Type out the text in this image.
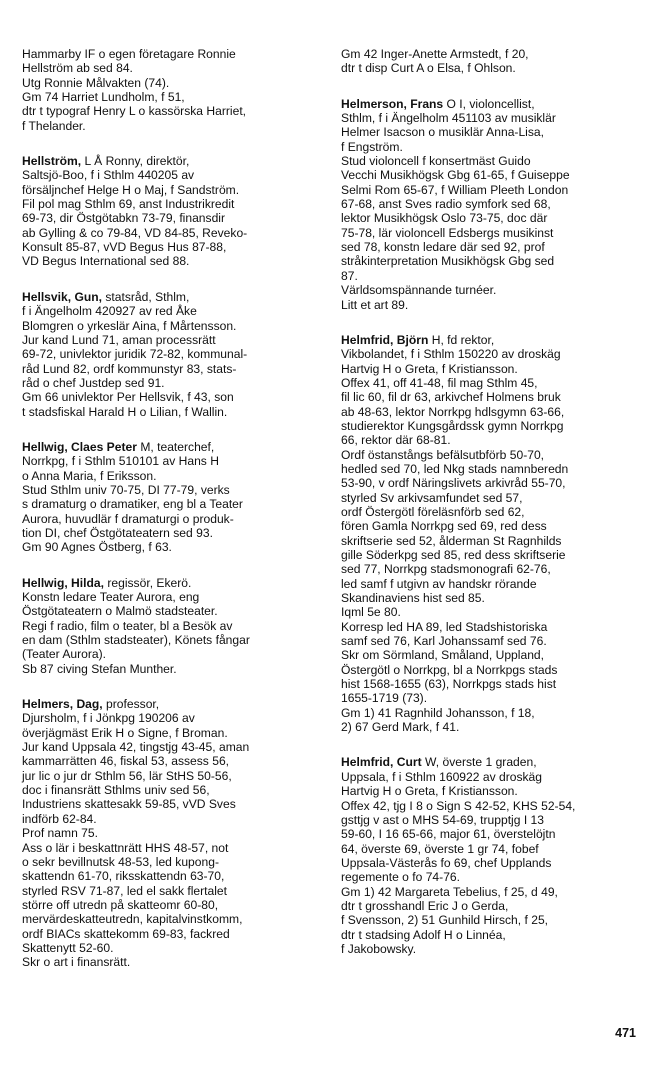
Hammarby IF o egen företagare Ronnie

Hellström ab sed 84.

Utg Ronnie Målvakten (74).

Gm 74 Harriet Lundholm, f 51,

dtr t typograf Henry L o kassörska Harriet,

f Thelander.

Hellström, L Å Ronny, direktör,

Saltsjö-Boo, f i Sthlm 440205 av

försäljnchef Helge H o Maj, f Sandström.

Fil pol mag Sthlm 69, anst Industrikredit

69-73, dir Östgötabkn 73-79, finansdir

ab Gylling & co 79-84, VD 84-85, Reveko-

Konsult 85-87, vVD Begus Hus 87-88,

VD Begus International sed 88.

Hellsvik, Gun, statsråd, Sthlm,

f i Ängelholm 420927 av red Åke

Blomgren o yrkeslär Aina, f Mårtensson.

Jur kand Lund 71, aman processrätt

69-72, univlektor juridik 72-82, kommunal-

råd Lund 82, ordf kommunstyr 83, stats-

råd o chef Justdep sed 91.

Gm 66 univlektor Per Hellsvik, f 43, son

t stadsfiskal Harald H o Lilian, f Wallin.

Hellwig, Claes Peter M, teaterchef,

Norrkpg, f i Sthlm 510101 av Hans H

o Anna Maria, f Eriksson.

Stud Sthlm univ 70-75, DI 77-79, verks

s dramaturg o dramatiker, eng bl a Teater

Aurora, huvudlär f dramaturgi o produk-

tion DI, chef Östgötateatern sed 93.

Gm 90 Agnes Östberg, f 63.

Hellwig, Hilda, regissör, Ekerö.

Konstn ledare Teater Aurora, eng

Östgötateatern o Malmö stadsteater.

Regi f radio, film o teater, bl a Besök av

en dam (Sthlm stadsteater), Könets fångar

(Teater Aurora).

Sb 87 civing Stefan Munther.

Helmers, Dag, professor,

Djursholm, f i Jönkpg 190206 av

överjägmäst Erik H o Signe, f Broman.

Jur kand Uppsala 42, tingstjg 43-45, aman

kammarrätten 46, fiskal 53, assess 56,

jur lic o jur dr Sthlm 56, lär StHS 50-56,

doc i finansrätt Sthlms univ sed 56,

Industriens skattesakk 59-85, vVD Sves

indförb 62-84.

Prof namn 75.

Ass o lär i beskattnrätt HHS 48-57, not

o sekr bevillnutsk 48-53, led kupong-

skattendn 61-70, riksskattendn 63-70,

styrled RSV 71-87, led el sakk flertalet

större off utredn på skatteomr 60-80,

mervärdeskatteutredn, kapitalvinstkomm,

ordf BIACs skattekomm 69-83, fackred

Skattenytt 52-60.

Skr o art i finansrätt.

Gm 42 Inger-Anette Armstedt, f 20,

dtr t disp Curt A o Elsa, f Ohlson.

Helmerson, Frans O I, violoncellist,

Sthlm, f i Ängelholm 451103 av musiklär

Helmer Isacson o musiklär Anna-Lisa,

f Engström.

Stud violoncell f konsertmäst Guido

Vecchi Musikhögsk Gbg 61-65, f Guiseppe

Selmi Rom 65-67, f William Pleeth London

67-68, anst Sves radio symfork sed 68,

lektor Musikhögsk Oslo 73-75, doc där

75-78, lär violoncell Edsbergs musikinst

sed 78, konstn ledare där sed 92, prof

stråkinterpretation Musikhögsk Gbg sed

87.

Världsomspännande turnéer.

Litt et art 89.

Helmfrid, Björn H, fd rektor,

Vikbolandet, f i Sthlm 150220 av droskäg

Hartvig H o Greta, f Kristiansson.

Offex 41, off 41-48, fil mag Sthlm 45,

fil lic 60, fil dr 63, arkivchef Holmens bruk

ab 48-63, lektor Norrkpg hdlsgymn 63-66,

studierektor Kungsgårdssk gymn Norrkpg

66, rektor där 68-81.

Ordf östanstångs befälsutbförb 50-70,

hedled sed 70, led Nkg stads namnberedn

53-90, v ordf Näringslivets arkivråd 55-70,

styrled Sv arkivsamfundet sed 57,

ordf Östergötl föreläsnförb sed 62,

fören Gamla Norrkpg sed 69, red dess

skriftserie sed 52, ålderman St Ragnhilds

gille Söderkpg sed 85, red dess skriftserie

sed 77, Norrkpg stadsmonografi 62-76,

led samf f utgivn av handskr rörande

Skandinaviens hist sed 85.

Iqml 5e 80.

Korresp led HA 89, led Stadshistoriska

samf sed 76, Karl Johanssamf sed 76.

Skr om Sörmland, Småland, Uppland,

Östergötl o Norrkpg, bl a Norrkpgs stads

hist 1568-1655 (63), Norrkpgs stads hist

1655-1719 (73).

Gm 1) 41 Ragnhild Johansson, f 18,

2) 67 Gerd Mark, f 41.

Helmfrid, Curt W, överste 1 graden,

Uppsala, f i Sthlm 160922 av droskäg

Hartvig H o Greta, f Kristiansson.

Offex 42, tjg I 8 o Sign S 42-52, KHS 52-54,

gsttjg v ast o MHS 54-69, trupptjg I 13

59-60, I 16 65-66, major 61, överstelöjtn

64, överste 69, överste 1 gr 74, fobef

Uppsala-Västerås fo 69, chef Upplands

regemente o fo 74-76.

Gm 1) 42 Margareta Tebelius, f 25, d 49,

dtr t grosshandl Eric J o Gerda,

f Svensson, 2) 51 Gunhild Hirsch, f 25,

dtr t stadsing Adolf H o Linnéa,

f Jakobowsky.

471
